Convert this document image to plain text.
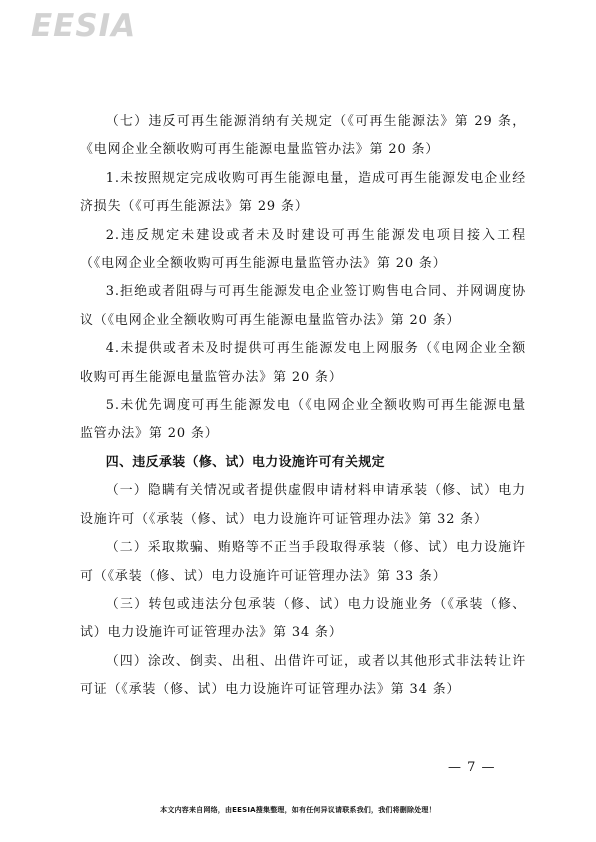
EESIA

（七）违反可再生能源消纳有关规定（《可再生能源法》第 29 条，《电网企业全额收购可再生能源电量监管办法》第 20 条）

1.未按照规定完成收购可再生能源电量，造成可再生能源发电企业经济损失（《可再生能源法》第 29 条）

2.违反规定未建设或者未及时建设可再生能源发电项目接入工程（《电网企业全额收购可再生能源电量监管办法》第 20 条）

3.拒绝或者阻碍与可再生能源发电企业签订购售电合同、并网调度协议（《电网企业全额收购可再生能源电量监管办法》第 20 条）

4.未提供或者未及时提供可再生能源发电上网服务（《电网企业全额收购可再生能源电量监管办法》第 20 条）

5.未优先调度可再生能源发电（《电网企业全额收购可再生能源电量监管办法》第 20 条）

四、违反承装（修、试）电力设施许可有关规定

（一）隐瞒有关情况或者提供虚假申请材料申请承装（修、试）电力设施许可（《承装（修、试）电力设施许可证管理办法》第 32 条）

（二）采取欺骗、贿赂等不正当手段取得承装（修、试）电力设施许可（《承装（修、试）电力设施许可证管理办法》第 33 条）

（三）转包或违法分包承装（修、试）电力设施业务（《承装（修、试）电力设施许可证管理办法》第 34 条）

（四）涂改、倒卖、出租、出借许可证，或者以其他形式非法转让许可证（《承装（修、试）电力设施许可证管理办法》第 34 条）

— 7 —
本文内容来自网络，由EESIA搜集整理，如有任何异议请联系我们，我们将删除处理！
